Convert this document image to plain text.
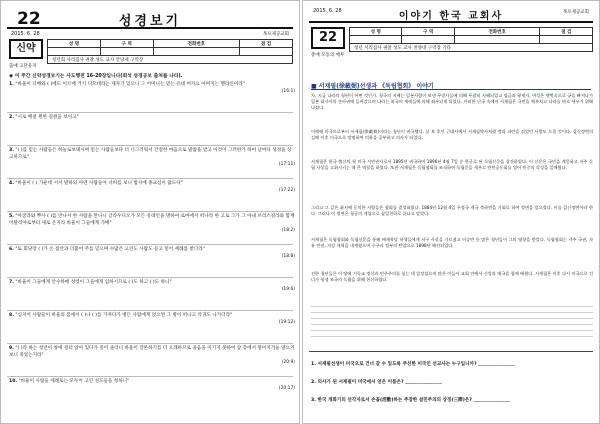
22	성경보기
2015. 6. 28	목포제공교회
신약
출애 고단유지
성 명	구 역	전화번호	점 검

청년회 사리집사 권찰 성도 교사 안당제 구역장			
◉ 이 주간 신약성경보기는 사도행전 16-20장입니다(회석 성경공보 출처를 나타).
1. "바울이 더베와 ( )에도 이르매 거기 디모데라는 제자가 있으니 그 어머니는 믿는 유대 여자요 아버지는 헬라인이라"
(16:1)
2. "시로 배설 원한 길원을 보이고"
3. "( )를 믿는 사람들은 하늘로보내시며 믿는 사람들보다 더 너그러워서 간절한 마음으로 말씀을 받고 이것이 그러한가 하여 날마다 성경을 상고하므로"
(17:11)
4. "바울이 ( ) 가운데 서서 말하되 아덴 사람들아 너희를 보니 범사에 종교심이 많도다"
(17:22)
5. "아굴라와 뿌사 ( )를 만나서 한 사람을 만나니 글라우디오가 모든 유대인을 명하여 로마에서 떠나라 한 고로 그가 그 아내 브리스길라와 함께 이탈리야로부터 새로 온지라 바울이 그들에게 가매"
(18:2)
6. "또 회당장 ( )가 온 집안과 더불어 주를 믿으며 수많은 고린도 사람도 듣고 믿어 세례를 받더라"
(18:8)
7. "바울이 그들에게 안수하매 성령이 그들에게 임하시므로 ( )도 하고 ( )도 하니"
(19:6)
8. "심지어 사람들이 바울의 몸에서 ( )나 ( )를 가져다가 병든 사람에게 얹으면 그 병이 떠나고 악귀도 나가더라"
(19:12)
9. "( )라 하는 청년이 창에 걸터 앉아 있다가 깊이 졸더니 바울이 강론하기를 더 오래하므로 졸음을 이기지 못하여 삼 층에서 떨어지거늘 일으켜보니 죽었는지라"
(20:9)
10. "바울이 사람들 세례로는 모두이 고린 성도들을 청하니"
(20:17)
2015. 6. 28	이야기 한국 교회사	목포제공교회
22
총애 모동의 예루
성 명	구 역	전화번호	점 검

청년 서리집사 권찰 성도 교사 찬양대 구역장 기타			
■ 서재필(徐載弼)선생과 《독립협회》 이야기
자, 지금 나라의 형편이 어떤 것인가. 청국의 지배는 일본사람이 보낸 무장사들에 의해 무참히 사해되었고 임금과 왕세자, 여성은 엣벗속으로 궁을 빠져나가 일본 러시아의 손아귀에 들어갔으며 나라는 외국의 세력들에 의해 좌우되게 되었다. 이러한 난국 속에서 서재필은 국민을 깨우치고 나라를 바로 세우기 위해 나섰다.
이때에 미국으로부터 서재필(徐載弼)이라는 청년이 귀국했다. 살 보 후인 근대사에서 서재필박사처럼 정과 파란을 겪었던 사람도 드물 것이다. 갑신정변의 실패 이후 미국으로 망명하여 의학을 공부하고 의사가 되었다.
서재필은 한국 출신의 첫 미국 시민권자로서 1895년 귀국하여 1896년 4월 7일 순 한글로 된 독립신문을 창간하였다. 이 신문은 국민을 계몽하고 자주 독립 사상을 고취시키는 데 큰 역할을 하였다. 또한 서재필은 독립협회를 조직하여 독립문을 세우고 만민공동회를 열어 민중의 각성을 일깨웠다.
그리고 그 같은 취지에 동의한 사람들은 협회를 결성하였다. 1884년 12월 4일 우정국 개국 축하연을 기회로 하여 정변을 일으켰다. 이를 갑신정변이라 한다. 그러나 이 정변은 청군의 개입으로 삼일천하로 끝나고 말았다.
서재필은 독립협회와 독립신문을 통해 배재학당 학생들에게 서구 사상을 가르쳤고 이승만 등 많은 청년들이 그의 영향을 받았다. 독립협회는 자주 국권, 자유 민권, 자강 개혁을 내세웠으며 수구파 정부의 탄압으로 1898년 해산되었다.
선한 청년들은 이 땅에 기독교 정신과 민주주의를 심는 데 앞장섰으며 많은 이들이 교회 안에서 신앙과 애국을 함께 배웠다. 서재필은 이후 다시 미국으로 건너가 평생 조국의 독립을 위해 헌신하였다.
1. 서재필선생이 미국으로 건너 갈 수 있도록 주선한 미국인 선교사는 누구입니까? ________________
2. 의사가 된 서재필이 미국에서 얻은 이름은? ________________
3. 한국 개화기의 선각자로서 손꼽(活動)하는 주장한 설민주의의 상징(三際)은? ________________
